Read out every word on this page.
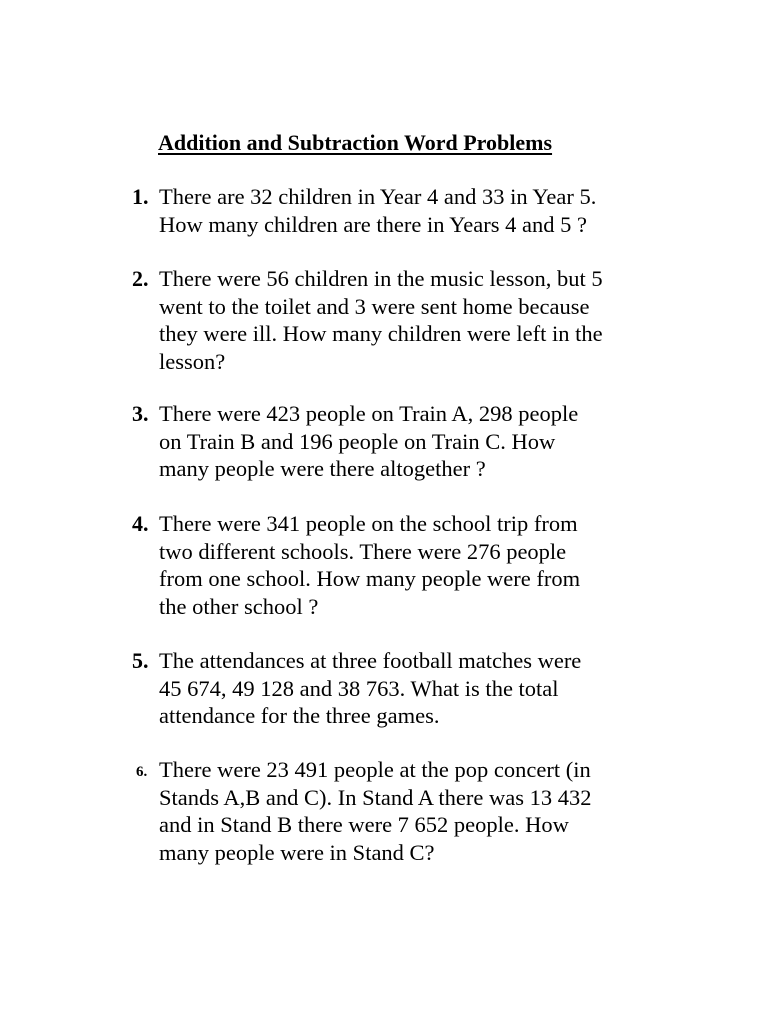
Addition and Subtraction Word Problems
1. There are 32 children in Year 4 and 33 in Year 5.
How many children are there in Years 4 and 5 ?
2. There were 56 children in the music lesson, but 5
went to the toilet and 3 were sent home because
they were ill. How many children were left in the
lesson?
3. There were 423 people on Train A, 298 people
on Train B and 196 people on Train C. How
many people were there altogether ?
4. There were 341 people on the school trip from
two different schools. There were 276 people
from one school. How many people were from
the other school ?
5. The attendances at three football matches were
45 674, 49 128 and 38 763. What is the total
attendance for the three games.
6. There were 23 491 people at the pop concert (in
Stands A,B and C). In Stand A there was 13 432
and in Stand B there were 7 652 people. How
many people were in Stand C?
